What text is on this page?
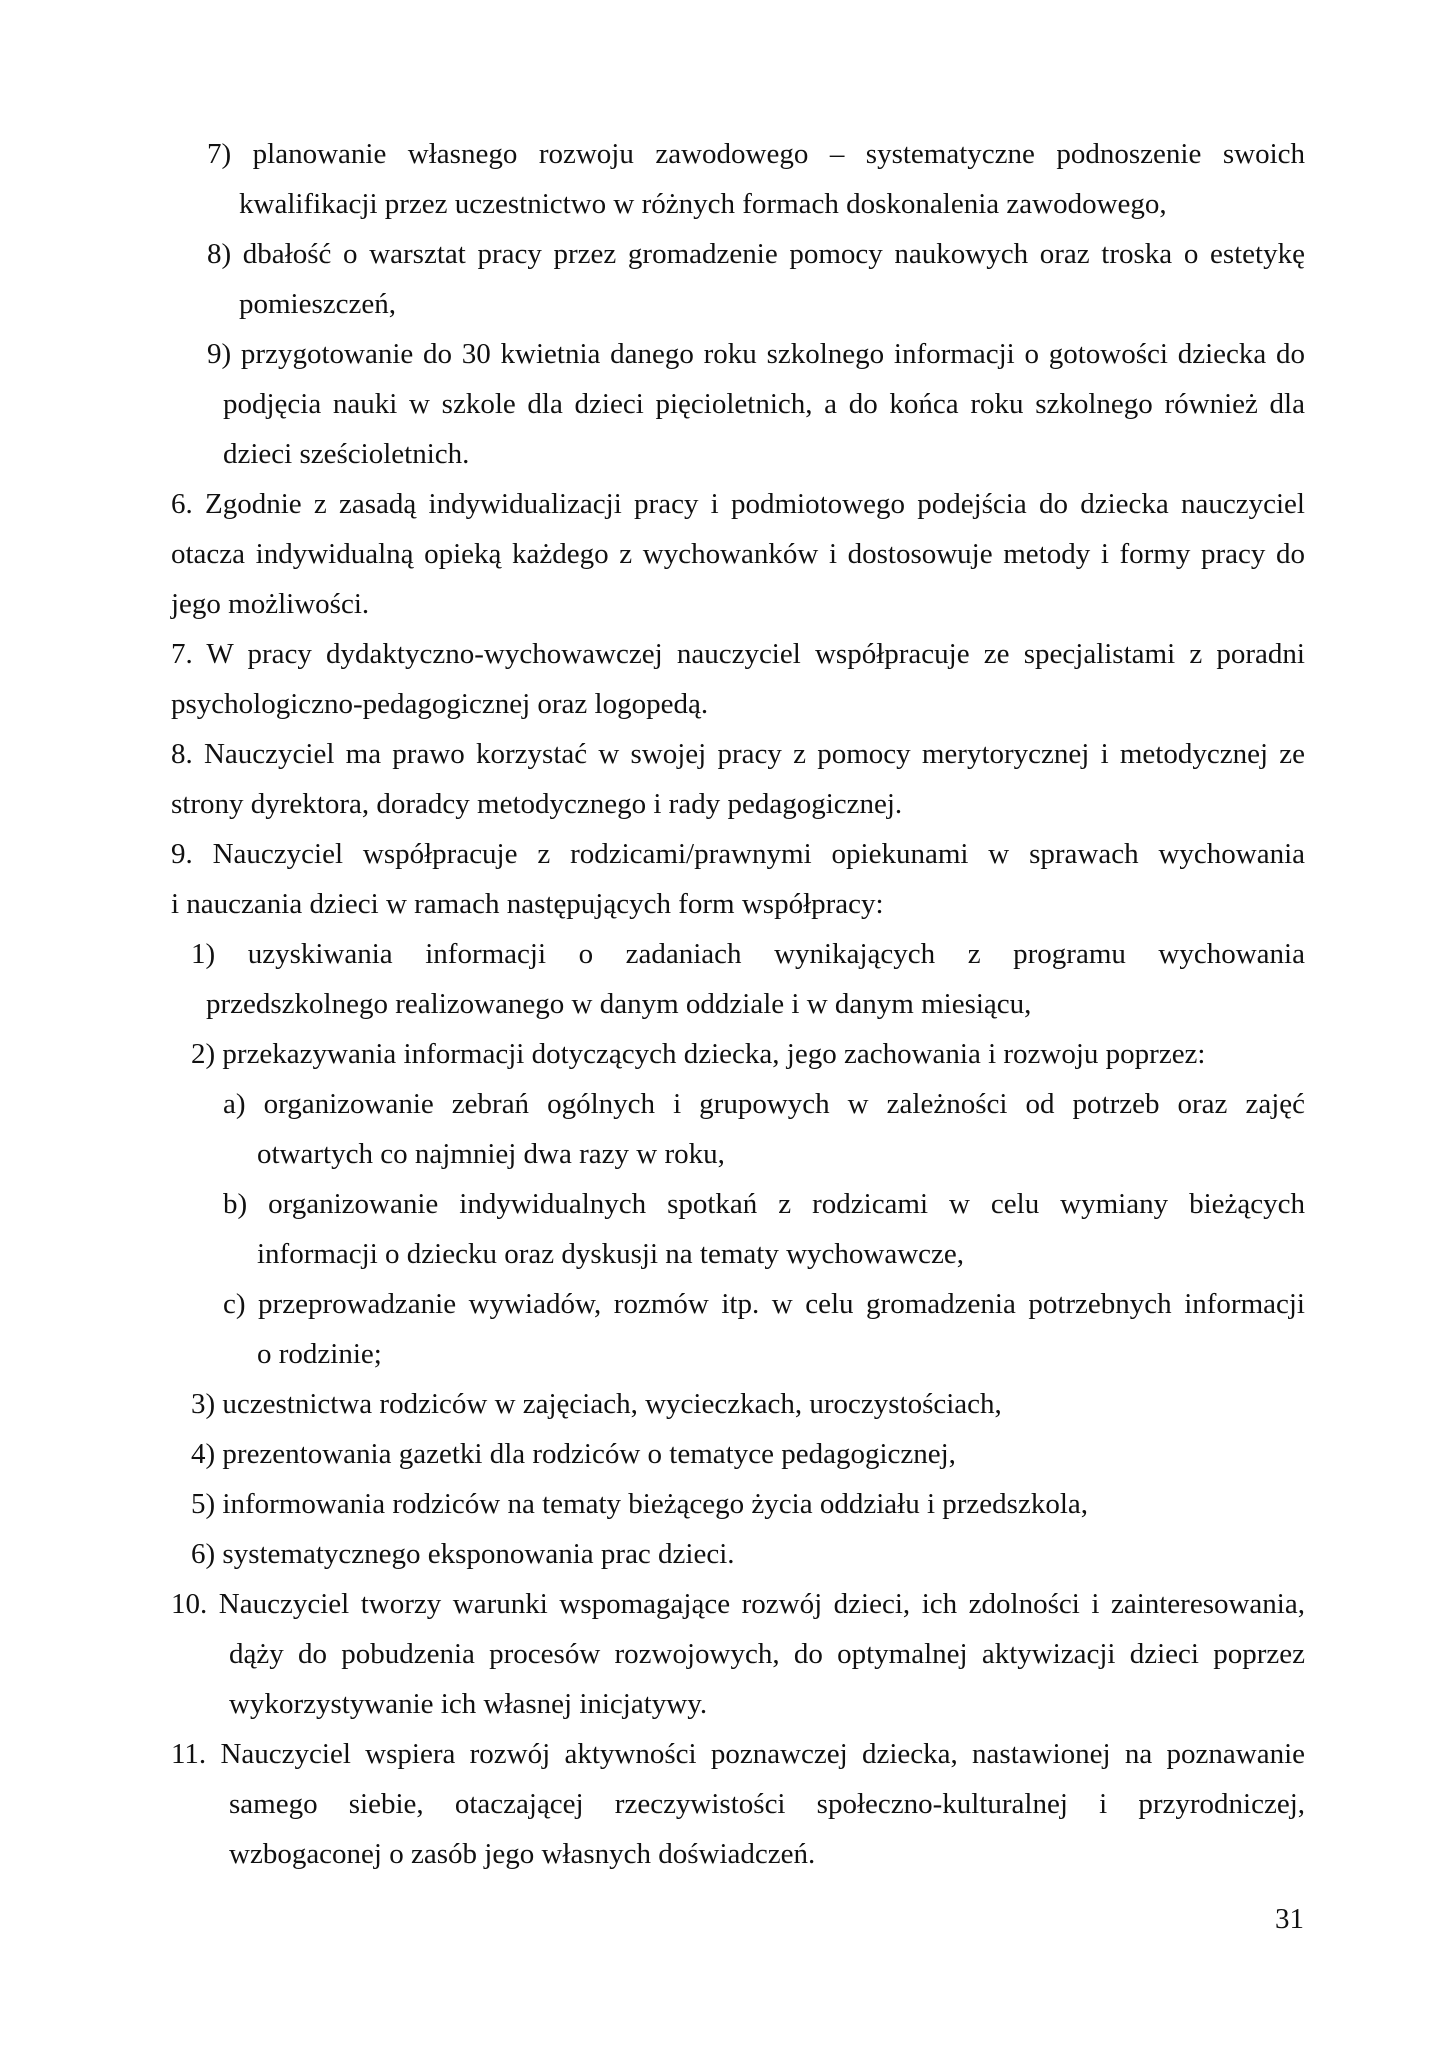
7) planowanie własnego rozwoju zawodowego – systematyczne podnoszenie swoich
kwalifikacji przez uczestnictwo w różnych formach doskonalenia zawodowego,
8) dbałość o warsztat pracy przez gromadzenie pomocy naukowych oraz troska o estetykę
pomieszczeń,
9) przygotowanie do 30 kwietnia danego roku szkolnego informacji o gotowości dziecka do
podjęcia nauki w szkole dla dzieci pięcioletnich, a do końca roku szkolnego również dla
dzieci sześcioletnich.
6. Zgodnie z zasadą indywidualizacji pracy i podmiotowego podejścia do dziecka nauczyciel
otacza indywidualną opieką każdego z wychowanków i dostosowuje metody i formy pracy do
jego możliwości.
7. W pracy dydaktyczno-wychowawczej nauczyciel współpracuje ze specjalistami z poradni
psychologiczno-pedagogicznej oraz logopedą.
8. Nauczyciel ma prawo korzystać w swojej pracy z pomocy merytorycznej i metodycznej ze
strony dyrektora, doradcy metodycznego i rady pedagogicznej.
9. Nauczyciel współpracuje z rodzicami/prawnymi opiekunami w sprawach wychowania
i nauczania dzieci w ramach następujących form współpracy:
1) uzyskiwania informacji o zadaniach wynikających z programu wychowania
przedszkolnego realizowanego w danym oddziale i w danym miesiącu,
2) przekazywania informacji dotyczących dziecka, jego zachowania i rozwoju poprzez:
a) organizowanie zebrań ogólnych i grupowych w zależności od potrzeb oraz zajęć
otwartych co najmniej dwa razy w roku,
b) organizowanie indywidualnych spotkań z rodzicami w celu wymiany bieżących
informacji o dziecku oraz dyskusji na tematy wychowawcze,
c) przeprowadzanie wywiadów, rozmów itp. w celu gromadzenia potrzebnych informacji
o rodzinie;
3) uczestnictwa rodziców w zajęciach, wycieczkach, uroczystościach,
4) prezentowania gazetki dla rodziców o tematyce pedagogicznej,
5) informowania rodziców na tematy bieżącego życia oddziału i przedszkola,
6) systematycznego eksponowania prac dzieci.
10. Nauczyciel tworzy warunki wspomagające rozwój dzieci, ich zdolności i zainteresowania,
dąży do pobudzenia procesów rozwojowych, do optymalnej aktywizacji dzieci poprzez
wykorzystywanie ich własnej inicjatywy.
11. Nauczyciel wspiera rozwój aktywności poznawczej dziecka, nastawionej na poznawanie
samego siebie, otaczającej rzeczywistości społeczno-kulturalnej i przyrodniczej,
wzbogaconej o zasób jego własnych doświadczeń.
31
